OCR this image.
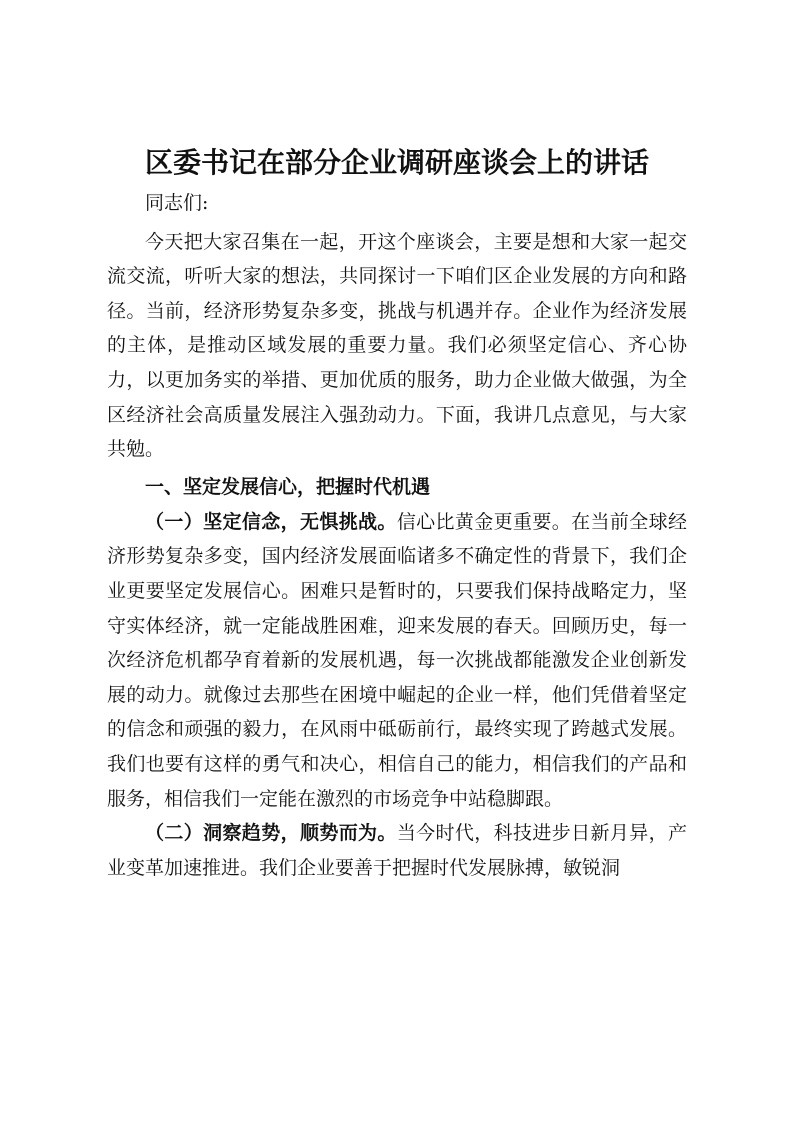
区委书记在部分企业调研座谈会上的讲话

同志们:

今天把大家召集在一起，开这个座谈会，主要是想和大家一起交流交流，听听大家的想法，共同探讨一下咱们区企业发展的方向和路径。当前，经济形势复杂多变，挑战与机遇并存。企业作为经济发展的主体，是推动区域发展的重要力量。我们必须坚定信心、齐心协力，以更加务实的举措、更加优质的服务，助力企业做大做强，为全区经济社会高质量发展注入强劲动力。下面，我讲几点意见，与大家共勉。

一、坚定发展信心，把握时代机遇

（一）坚定信念，无惧挑战。信心比黄金更重要。在当前全球经济形势复杂多变，国内经济发展面临诸多不确定性的背景下，我们企业更要坚定发展信心。困难只是暂时的，只要我们保持战略定力，坚守实体经济，就一定能战胜困难，迎来发展的春天。回顾历史，每一次经济危机都孕育着新的发展机遇，每一次挑战都能激发企业创新发展的动力。就像过去那些在困境中崛起的企业一样，他们凭借着坚定的信念和顽强的毅力，在风雨中砥砺前行，最终实现了跨越式发展。我们也要有这样的勇气和决心，相信自己的能力，相信我们的产品和服务，相信我们一定能在激烈的市场竞争中站稳脚跟。

（二）洞察趋势，顺势而为。当今时代，科技进步日新月异，产业变革加速推进。我们企业要善于把握时代发展脉搏，敏锐洞
